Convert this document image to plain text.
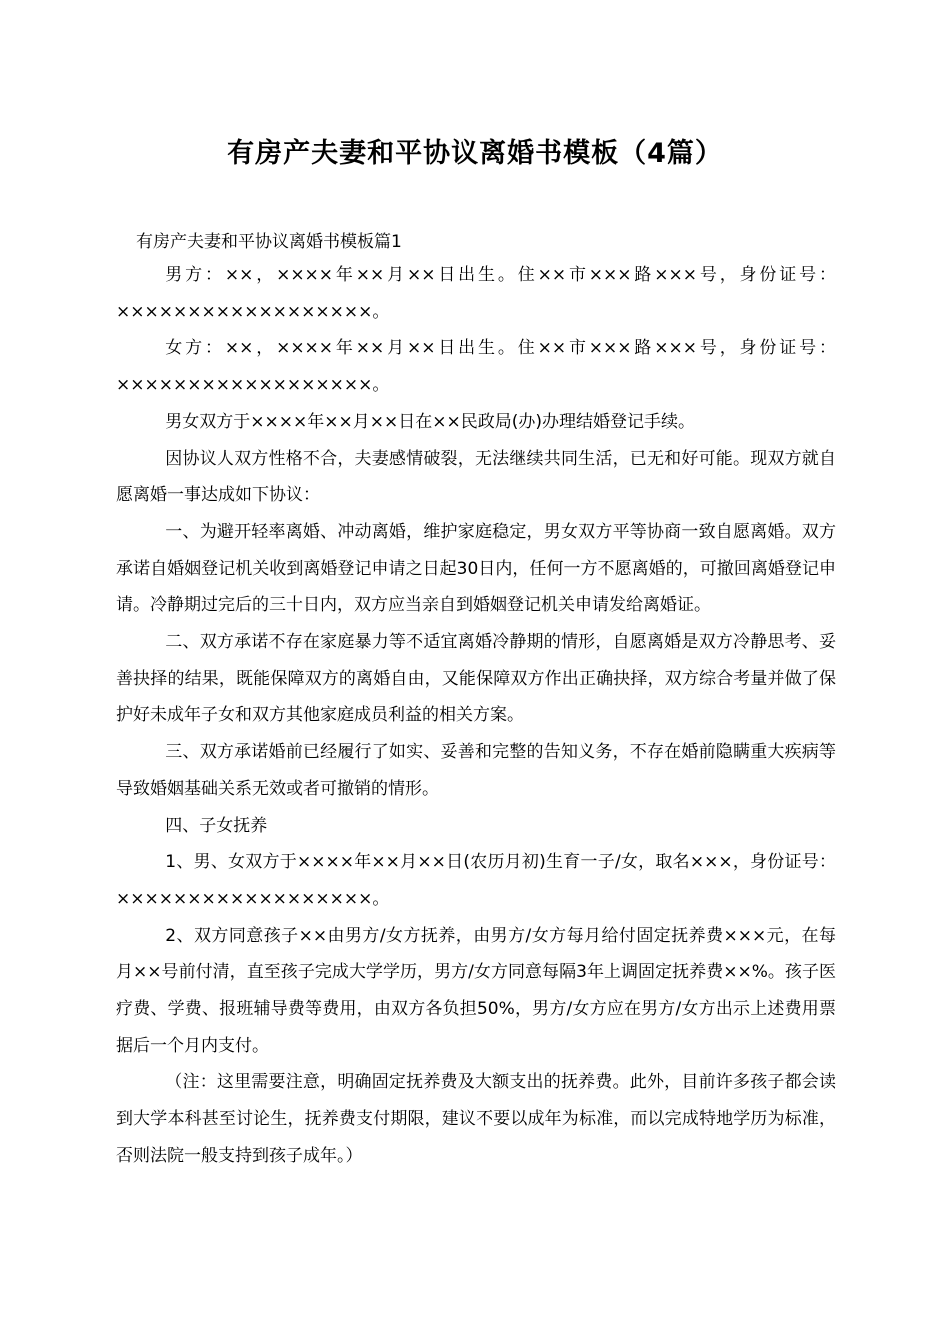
有房产夫妻和平协议离婚书模板（4篇）
有房产夫妻和平协议离婚书模板篇1

男方：××，××××年××月××日出生。住××市×××路×××号，身份证号：××××××××××××××××××。

女方：××，××××年××月××日出生。住××市×××路×××号，身份证号：××××××××××××××××××。

男女双方于××××年××月××日在××民政局(办)办理结婚登记手续。

因协议人双方性格不合，夫妻感情破裂，无法继续共同生活，已无和好可能。现双方就自愿离婚一事达成如下协议：

一、为避开轻率离婚、冲动离婚，维护家庭稳定，男女双方平等协商一致自愿离婚。双方承诺自婚姻登记机关收到离婚登记申请之日起30日内，任何一方不愿离婚的，可撤回离婚登记申请。冷静期过完后的三十日内，双方应当亲自到婚姻登记机关申请发给离婚证。

二、双方承诺不存在家庭暴力等不适宜离婚冷静期的情形，自愿离婚是双方冷静思考、妥善抉择的结果，既能保障双方的离婚自由，又能保障双方作出正确抉择，双方综合考量并做了保护好未成年子女和双方其他家庭成员利益的相关方案。

三、双方承诺婚前已经履行了如实、妥善和完整的告知义务，不存在婚前隐瞒重大疾病等导致婚姻基础关系无效或者可撤销的情形。

四、子女抚养

1、男、女双方于××××年××月××日(农历月初)生育一子/女，取名×××，身份证号：××××××××××××××××××。

2、双方同意孩子××由男方/女方抚养，由男方/女方每月给付固定抚养费×××元，在每月××号前付清，直至孩子完成大学学历，男方/女方同意每隔3年上调固定抚养费××%。孩子医疗费、学费、报班辅导费等费用，由双方各负担50%，男方/女方应在男方/女方出示上述费用票据后一个月内支付。

（注：这里需要注意，明确固定抚养费及大额支出的抚养费。此外，目前许多孩子都会读到大学本科甚至讨论生，抚养费支付期限，建议不要以成年为标准，而以完成特地学历为标准，否则法院一般支持到孩子成年。）
